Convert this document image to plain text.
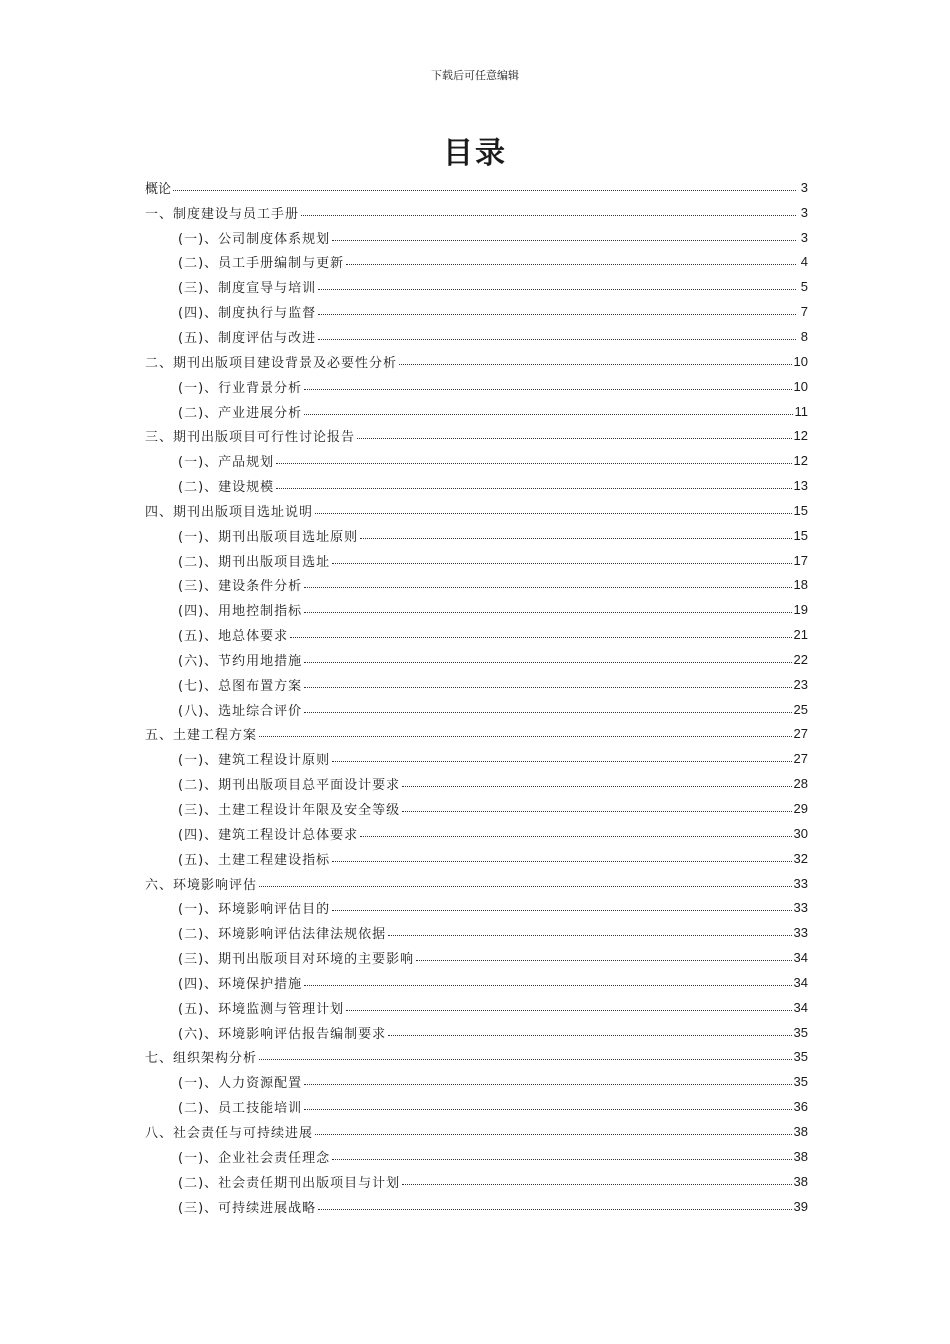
下载后可任意编辑
目录
概论	3
一、制度建设与员工手册	3
(一)、公司制度体系规划	3
(二)、员工手册编制与更新	4
(三)、制度宣导与培训	5
(四)、制度执行与监督	7
(五)、制度评估与改进	8
二、期刊出版项目建设背景及必要性分析	10
(一)、行业背景分析	10
(二)、产业进展分析	11
三、期刊出版项目可行性讨论报告	12
(一)、产品规划	12
(二)、建设规模	13
四、期刊出版项目选址说明	15
(一)、期刊出版项目选址原则	15
(二)、期刊出版项目选址	17
(三)、建设条件分析	18
(四)、用地控制指标	19
(五)、地总体要求	21
(六)、节约用地措施	22
(七)、总图布置方案	23
(八)、选址综合评价	25
五、土建工程方案	27
(一)、建筑工程设计原则	27
(二)、期刊出版项目总平面设计要求	28
(三)、土建工程设计年限及安全等级	29
(四)、建筑工程设计总体要求	30
(五)、土建工程建设指标	32
六、环境影响评估	33
(一)、环境影响评估目的	33
(二)、环境影响评估法律法规依据	33
(三)、期刊出版项目对环境的主要影响	34
(四)、环境保护措施	34
(五)、环境监测与管理计划	34
(六)、环境影响评估报告编制要求	35
七、组织架构分析	35
(一)、人力资源配置	35
(二)、员工技能培训	36
八、社会责任与可持续进展	38
(一)、企业社会责任理念	38
(二)、社会责任期刊出版项目与计划	38
(三)、可持续进展战略	39
